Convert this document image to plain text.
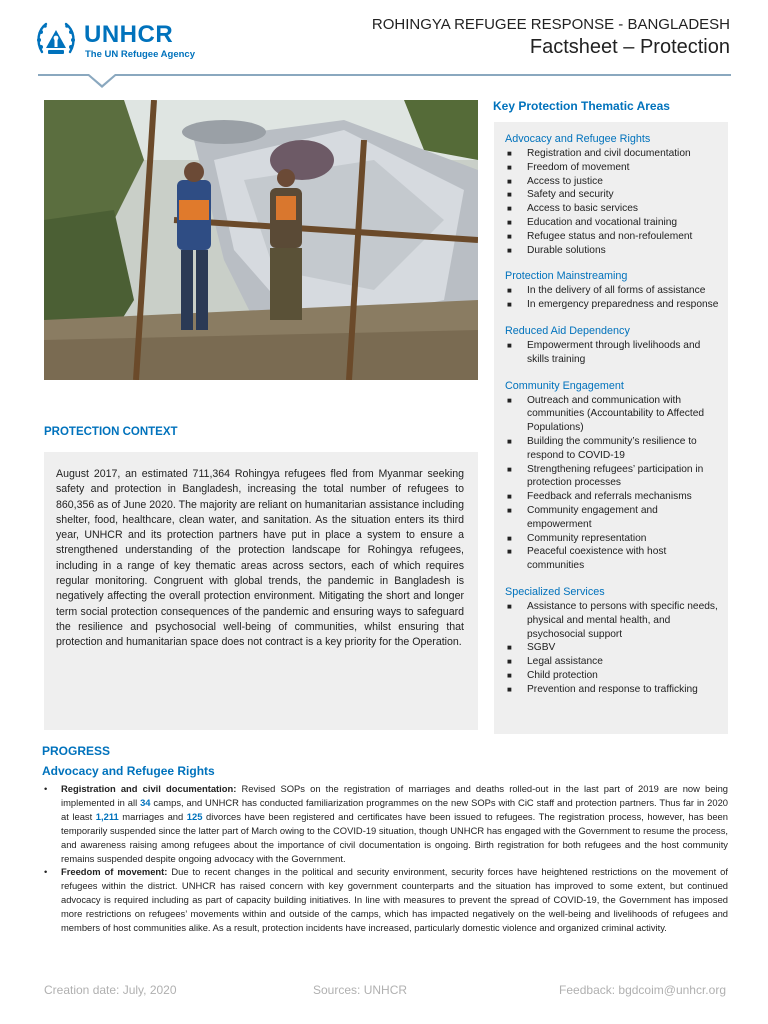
UNHCR
The UN Refugee Agency
ROHINGYA REFUGEE RESPONSE - BANGLADESH
Factsheet – Protection
PROTECTION CONTEXT

August 2017, an estimated 711,364 Rohingya refugees fled from Myanmar seeking safety and protection in Bangladesh, increasing the total number of refugees to 860,356 as of June 2020. The majority are reliant on humanitarian assistance including shelter, food, healthcare, clean water, and sanitation. As the situation enters its third year, UNHCR and its protection partners have put in place a system to ensure a strengthened understanding of the protection landscape for Rohingya refugees, including in a range of key thematic areas across sectors, each of which requires regular monitoring. Congruent with global trends, the pandemic in Bangladesh is negatively affecting the overall protection environment. Mitigating the short and longer term social protection consequences of the pandemic and ensuring ways to safeguard the resilience and psychosocial well-being of communities, whilst ensuring that protection and humanitarian space does not contract is a key priority for the Operation.

Key Protection Thematic Areas
Advocacy and Refugee Rights
■ Registration and civil documentation
■ Freedom of movement
■ Access to justice
■ Safety and security
■ Access to basic services
■ Education and vocational training
■ Refugee status and non-refoulement
■ Durable solutions
Protection Mainstreaming
■ In the delivery of all forms of assistance
■ In emergency preparedness and response
Reduced Aid Dependency
■ Empowerment through livelihoods and skills training
Community Engagement
■ Outreach and communication with communities (Accountability to Affected Populations)
■ Building the community’s resilience to respond to COVID-19
■ Strengthening refugees’ participation in protection processes
■ Feedback and referrals mechanisms
■ Community engagement and empowerment
■ Community representation
■ Peaceful coexistence with host communities
Specialized Services
■ Assistance to persons with specific needs, physical and mental health, and psychosocial support
■ SGBV
■ Legal assistance
■ Child protection
■ Prevention and response to trafficking
PROGRESS
Advocacy and Refugee Rights
• Registration and civil documentation: Revised SOPs on the registration of marriages and deaths rolled-out in the last part of 2019 are now being implemented in all 34 camps, and UNHCR has conducted familiarization programmes on the new SOPs with CiC staff and protection partners. Thus far in 2020 at least 1,211 marriages and 125 divorces have been registered and certificates have been issued to refugees. The registration process, however, has been temporarily suspended since the latter part of March owing to the COVID-19 situation, though UNHCR has engaged with the Government to resume the process, and awareness raising among refugees about the importance of civil documentation is ongoing. Birth registration for both refugees and the host community remains suspended despite ongoing advocacy with the Government.
• Freedom of movement: Due to recent changes in the political and security environment, security forces have heightened restrictions on the movement of refugees within the district. UNHCR has raised concern with key government counterparts and the situation has improved to some extent, but continued advocacy is required including as part of capacity building initiatives. In line with measures to prevent the spread of COVID-19, the Government has imposed more restrictions on refugees’ movements within and outside of the camps, which has impacted negatively on the well-being and livelihoods of refugees and members of host communities alike. As a result, protection incidents have increased, particularly domestic violence and organized criminal activity.
Creation date: July, 2020	Sources: UNHCR	Feedback: bgdcoim@unhcr.org
